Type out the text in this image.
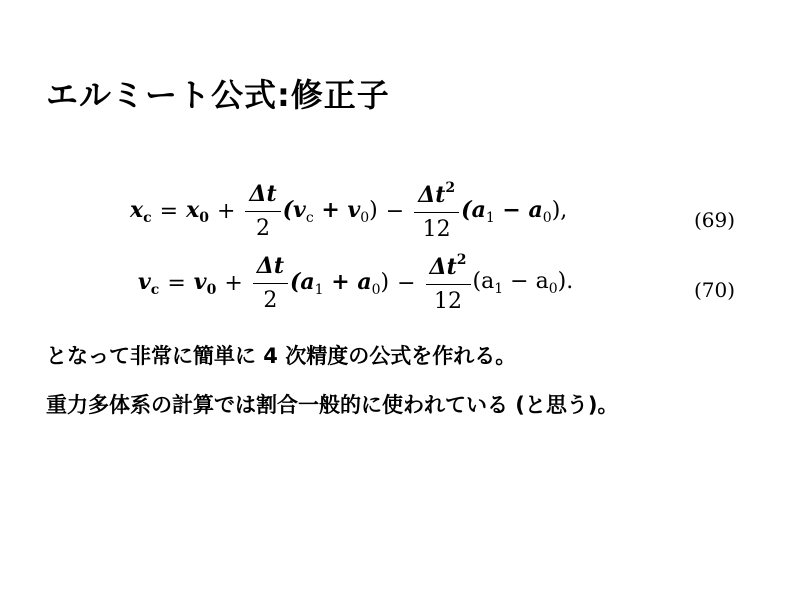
エルミート公式:修正子
$x_c = x_0 + \frac{\Delta t}{2} (v_c + v_0) - \frac{\Delta t^2}{12} (a_1 - a_0)$,	(69)
$v_c = v_0 + \frac{\Delta t}{2} (a_1 + a_0) - \frac{\Delta t^2}{12} (a_1 - a_0)$.	(70)
となって非常に簡単に 4 次精度の公式を作れる。
重力多体系の計算では割合一般的に使われている (と思う)。
